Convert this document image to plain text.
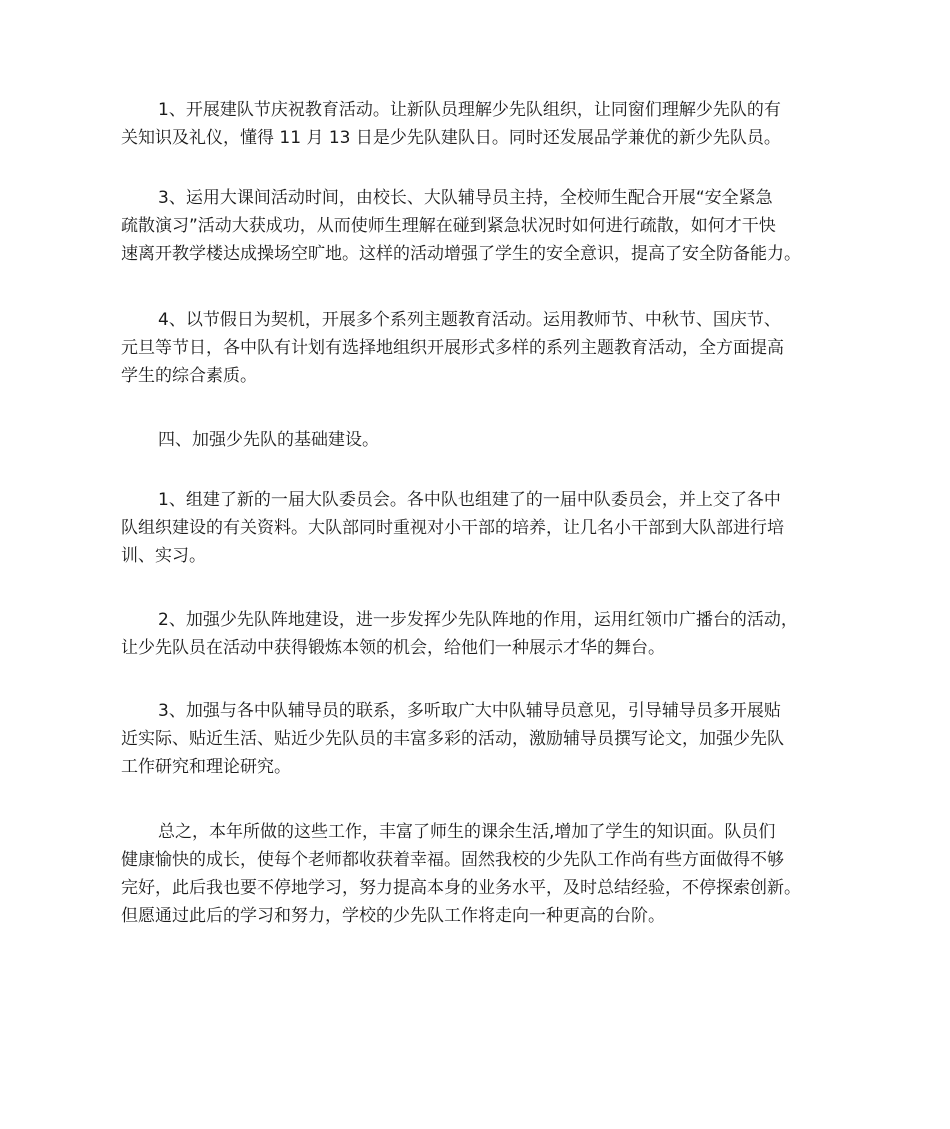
1、开展建队节庆祝教育活动。让新队员理解少先队组织，让同窗们理解少先队的有
关知识及礼仪，懂得 11 月 13 日是少先队建队日。同时还发展品学兼优的新少先队员。

3、运用大课间活动时间，由校长、大队辅导员主持，全校师生配合开展“安全紧急
疏散演习”活动大获成功，从而使师生理解在碰到紧急状况时如何进行疏散，如何才干快
速离开教学楼达成操场空旷地。这样的活动增强了学生的安全意识，提高了安全防备能力。

4、以节假日为契机，开展多个系列主题教育活动。运用教师节、中秋节、国庆节、
元旦等节日，各中队有计划有选择地组织开展形式多样的系列主题教育活动，全方面提高
学生的综合素质。

四、加强少先队的基础建设。

1、组建了新的一届大队委员会。各中队也组建了的一届中队委员会，并上交了各中
队组织建设的有关资料。大队部同时重视对小干部的培养，让几名小干部到大队部进行培
训、实习。

2、加强少先队阵地建设，进一步发挥少先队阵地的作用，运用红领巾广播台的活动，
让少先队员在活动中获得锻炼本领的机会，给他们一种展示才华的舞台。

3、加强与各中队辅导员的联系，多听取广大中队辅导员意见，引导辅导员多开展贴
近实际、贴近生活、贴近少先队员的丰富多彩的活动，激励辅导员撰写论文，加强少先队
工作研究和理论研究。

总之，本年所做的这些工作，丰富了师生的课余生活,增加了学生的知识面。队员们
健康愉快的成长，使每个老师都收获着幸福。固然我校的少先队工作尚有些方面做得不够
完好，此后我也要不停地学习，努力提高本身的业务水平，及时总结经验，不停探索创新。
但愿通过此后的学习和努力，学校的少先队工作将走向一种更高的台阶。
